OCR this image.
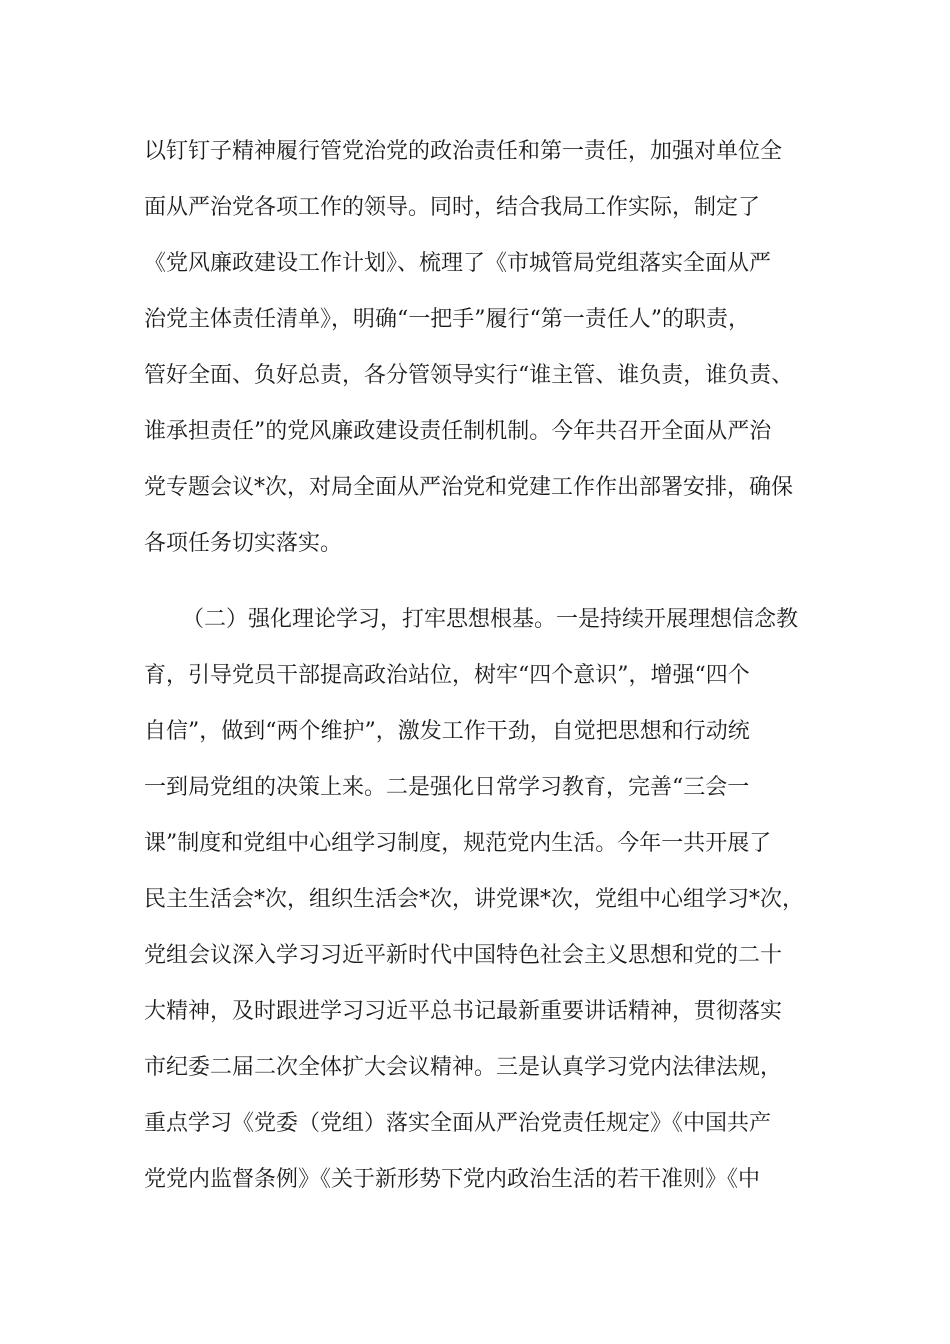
以钉钉子精神履行管党治党的政治责任和第一责任，加强对单位全
面从严治党各项工作的领导。同时，结合我局工作实际，制定了
《党风廉政建设工作计划》、梳理了《市城管局党组落实全面从严
治党主体责任清单》，明确“一把手”履行“第一责任人”的职责，
管好全面、负好总责，各分管领导实行“谁主管、谁负责，谁负责、
谁承担责任”的党风廉政建设责任制机制。今年共召开全面从严治
党专题会议*次，对局全面从严治党和党建工作作出部署安排，确保
各项任务切实落实。
（二）强化理论学习，打牢思想根基。一是持续开展理想信念教
育，引导党员干部提高政治站位，树牢“四个意识”，增强“四个
自信”，做到“两个维护”，激发工作干劲，自觉把思想和行动统
一到局党组的决策上来。二是强化日常学习教育，完善“三会一
课”制度和党组中心组学习制度，规范党内生活。今年一共开展了
民主生活会*次，组织生活会*次，讲党课*次，党组中心组学习*次，
党组会议深入学习习近平新时代中国特色社会主义思想和党的二十
大精神，及时跟进学习习近平总书记最新重要讲话精神，贯彻落实
市纪委二届二次全体扩大会议精神。三是认真学习党内法律法规，
重点学习《党委（党组）落实全面从严治党责任规定》《中国共产
党党内监督条例》《关于新形势下党内政治生活的若干准则》《中
